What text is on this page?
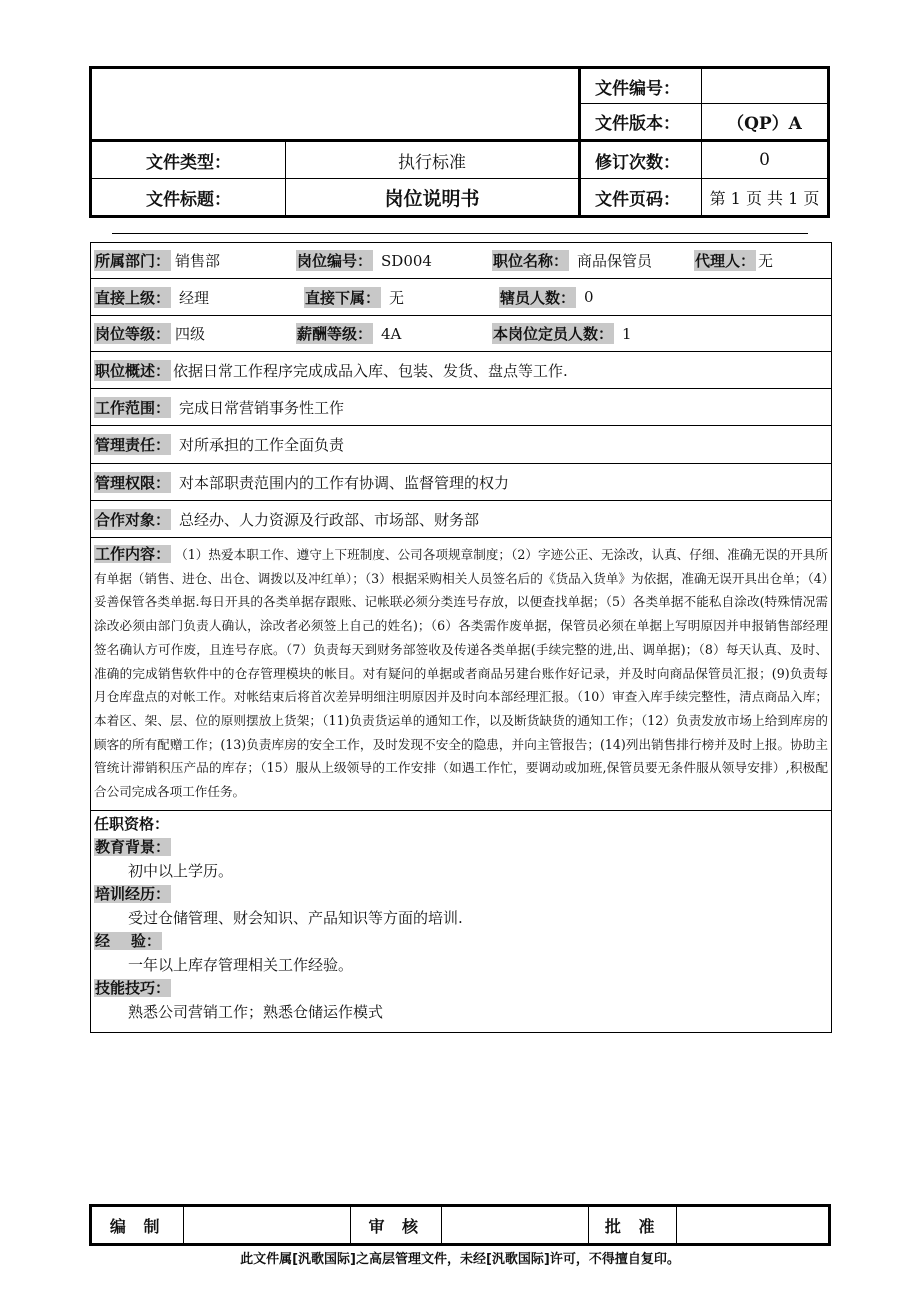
		文件编号：	
		文件版本：	（QP）A
文件类型：	执行标准	修订次数：	0
文件标题：	岗位说明书	文件页码：	第 1 页 共 1 页
所属部门： 销售部	岗位编号： SD004	职位名称： 商品保管员	代理人： 无
直接上级： 经理	直接下属： 无	辖员人数： 0
岗位等级： 四级	薪酬等级： 4A	本岗位定员人数： 1
职位概述： 依据日常工作程序完成成品入库、包装、发货、盘点等工作.
工作范围： 完成日常营销事务性工作
管理责任： 对所承担的工作全面负责
管理权限： 对本部职责范围内的工作有协调、监督管理的权力
合作对象： 总经办、人力资源及行政部、市场部、财务部
工作内容： （1）热爱本职工作、遵守上下班制度、公司各项规章制度；（2）字迹公正、无涂改，认真、仔细、准确无误的开具所有单据（销售、进仓、出仓、调拨以及冲红单）；（3）根据采购相关人员签名后的《货品入货单》为依据，准确无误开具出仓单；（4）妥善保管各类单据.每日开具的各类单据存跟账、记帐联必须分类连号存放，以便查找单据；（5）各类单据不能私自涂改(特殊情况需涂改必须由部门负责人确认，涂改者必须签上自己的姓名)；（6）各类需作废单据，保管员必须在单据上写明原因并申报销售部经理签名确认方可作废，且连号存底。（7）负责每天到财务部签收及传递各类单据(手续完整的进,出、调单据)；（8）每天认真、及时、准确的完成销售软件中的仓存管理模块的帐目。对有疑问的单据或者商品另建台账作好记录，并及时向商品保管员汇报；(9)负责每月仓库盘点的对帐工作。对帐结束后将首次差异明细注明原因并及时向本部经理汇报。（10）审查入库手续完整性，清点商品入库；本着区、架、层、位的原则摆放上货架；（11)负责货运单的通知工作，以及断货缺货的通知工作；（12）负责发放市场上给到库房的顾客的所有配赠工作；(13)负责库房的安全工作，及时发现不安全的隐患，并向主管报告；(14)列出销售排行榜并及时上报。协助主管统计滞销积压产品的库存；（15）服从上级领导的工作安排（如遇工作忙，要调动或加班,保管员要无条件服从领导安排）,积极配合公司完成各项工作任务。
任职资格：
教育背景：
初中以上学历。
培训经历：
受过仓储管理、财会知识、产品知识等方面的培训.
经    验：
一年以上库存管理相关工作经验。
技能技巧：
熟悉公司营销工作；熟悉仓储运作模式
编 制		审 核		批 准	
此文件属[汎歌国际]之高层管理文件，未经[汎歌国际]许可，不得擅自复印。
